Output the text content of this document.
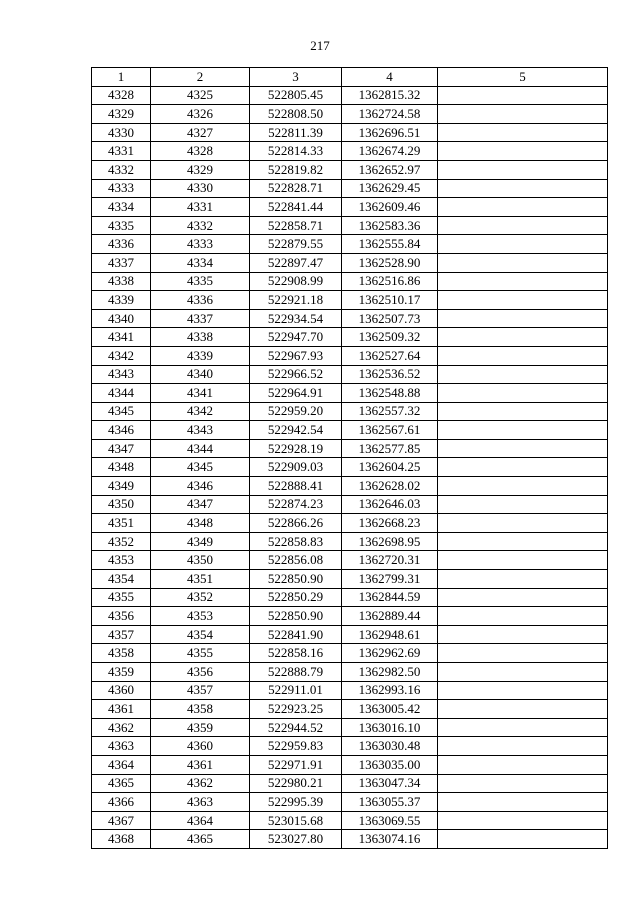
217
1	2	3	4	5
4328	4325	522805.45	1362815.32	
4329	4326	522808.50	1362724.58	
4330	4327	522811.39	1362696.51	
4331	4328	522814.33	1362674.29	
4332	4329	522819.82	1362652.97	
4333	4330	522828.71	1362629.45	
4334	4331	522841.44	1362609.46	
4335	4332	522858.71	1362583.36	
4336	4333	522879.55	1362555.84	
4337	4334	522897.47	1362528.90	
4338	4335	522908.99	1362516.86	
4339	4336	522921.18	1362510.17	
4340	4337	522934.54	1362507.73	
4341	4338	522947.70	1362509.32	
4342	4339	522967.93	1362527.64	
4343	4340	522966.52	1362536.52	
4344	4341	522964.91	1362548.88	
4345	4342	522959.20	1362557.32	
4346	4343	522942.54	1362567.61	
4347	4344	522928.19	1362577.85	
4348	4345	522909.03	1362604.25	
4349	4346	522888.41	1362628.02	
4350	4347	522874.23	1362646.03	
4351	4348	522866.26	1362668.23	
4352	4349	522858.83	1362698.95	
4353	4350	522856.08	1362720.31	
4354	4351	522850.90	1362799.31	
4355	4352	522850.29	1362844.59	
4356	4353	522850.90	1362889.44	
4357	4354	522841.90	1362948.61	
4358	4355	522858.16	1362962.69	
4359	4356	522888.79	1362982.50	
4360	4357	522911.01	1362993.16	
4361	4358	522923.25	1363005.42	
4362	4359	522944.52	1363016.10	
4363	4360	522959.83	1363030.48	
4364	4361	522971.91	1363035.00	
4365	4362	522980.21	1363047.34	
4366	4363	522995.39	1363055.37	
4367	4364	523015.68	1363069.55	
4368	4365	523027.80	1363074.16	
